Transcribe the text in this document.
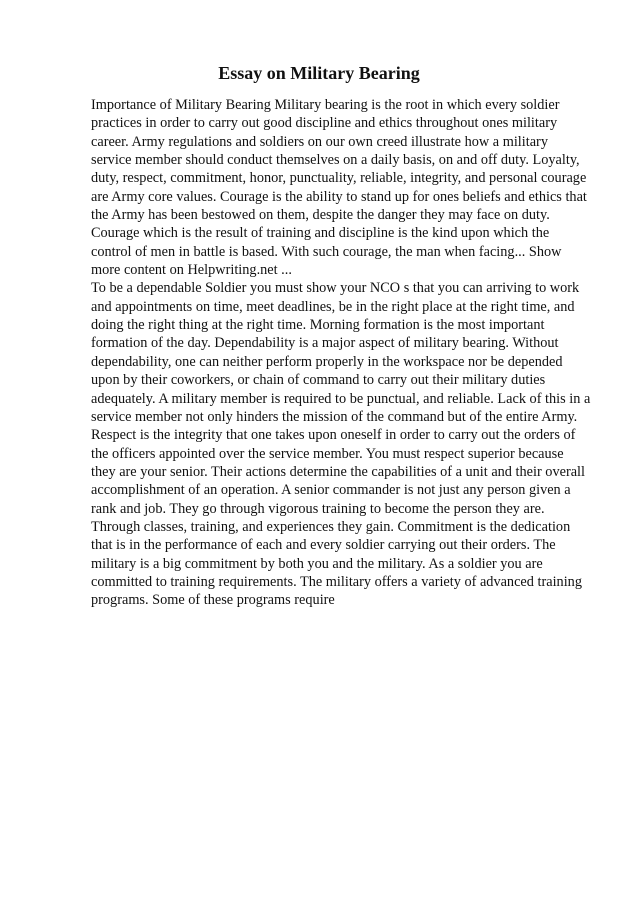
Essay on Military Bearing

Importance of Military Bearing Military bearing is the root in which every soldier practices in order to carry out good discipline and ethics throughout ones military career. Army regulations and soldiers on our own creed illustrate how a military service member should conduct themselves on a daily basis, on and off duty. Loyalty, duty, respect, commitment, honor, punctuality, reliable, integrity, and personal courage are Army core values. Courage is the ability to stand up for ones beliefs and ethics that the Army has been bestowed on them, despite the danger they may face on duty. Courage which is the result of training and discipline is the kind upon which the control of men in battle is based. With such courage, the man when facing... Show more content on Helpwriting.net ...

To be a dependable Soldier you must show your NCO s that you can arriving to work and appointments on time, meet deadlines, be in the right place at the right time, and doing the right thing at the right time. Morning formation is the most important formation of the day. Dependability is a major aspect of military bearing. Without dependability, one can neither perform properly in the workspace nor be depended upon by their coworkers, or chain of command to carry out their military duties adequately. A military member is required to be punctual, and reliable. Lack of this in a service member not only hinders the mission of the command but of the entire Army. Respect is the integrity that one takes upon oneself in order to carry out the orders of the officers appointed over the service member. You must respect superior because they are your senior. Their actions determine the capabilities of a unit and their overall accomplishment of an operation. A senior commander is not just any person given a rank and job. They go through vigorous training to become the person they are. Through classes, training, and experiences they gain. Commitment is the dedication that is in the performance of each and every soldier carrying out their orders. The military is a big commitment by both you and the military. As a soldier you are committed to training requirements. The military offers a variety of advanced training programs. Some of these programs require
